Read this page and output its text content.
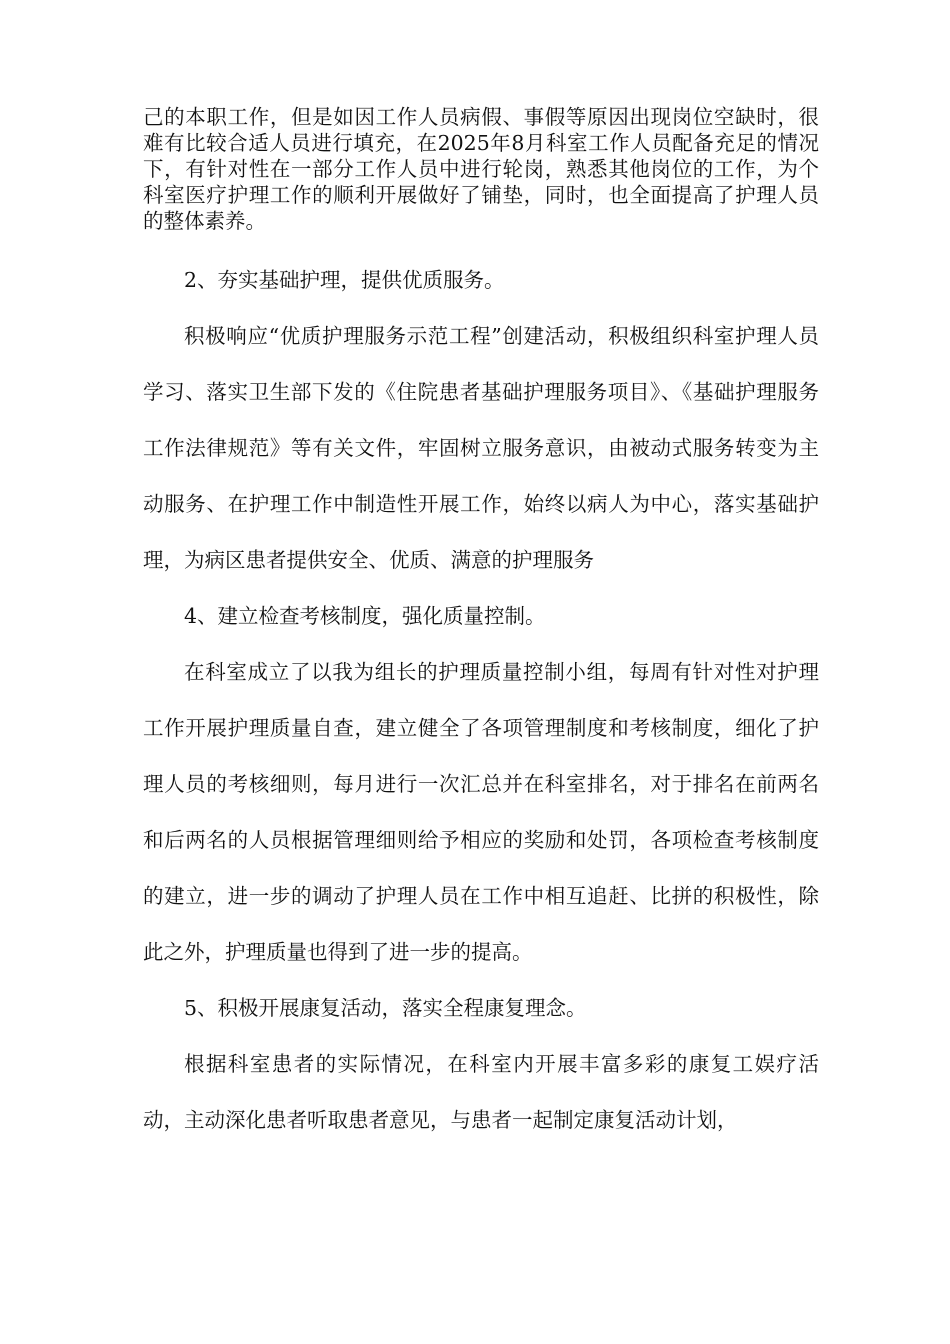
己的本职工作，但是如因工作人员病假、事假等原因出现岗位空缺时，很难有比较合适人员进行填充，在2025年8月科室工作人员配备充足的情况下，有针对性在一部分工作人员中进行轮岗，熟悉其他岗位的工作，为个科室医疗护理工作的顺利开展做好了铺垫，同时，也全面提高了护理人员的整体素养。

2、夯实基础护理，提供优质服务。

积极响应“优质护理服务示范工程”创建活动，积极组织科室护理人员学习、落实卫生部下发的《住院患者基础护理服务项目》、《基础护理服务工作法律规范》等有关文件，牢固树立服务意识，由被动式服务转变为主动服务、在护理工作中制造性开展工作，始终以病人为中心，落实基础护理，为病区患者提供安全、优质、满意的护理服务

4、建立检查考核制度，强化质量控制。

在科室成立了以我为组长的护理质量控制小组，每周有针对性对护理工作开展护理质量自查，建立健全了各项管理制度和考核制度，细化了护理人员的考核细则，每月进行一次汇总并在科室排名，对于排名在前两名和后两名的人员根据管理细则给予相应的奖励和处罚，各项检查考核制度的建立，进一步的调动了护理人员在工作中相互追赶、比拼的积极性，除此之外，护理质量也得到了进一步的提高。

5、积极开展康复活动，落实全程康复理念。

根据科室患者的实际情况，在科室内开展丰富多彩的康复工娱疗活动，主动深化患者听取患者意见，与患者一起制定康复活动计划，
